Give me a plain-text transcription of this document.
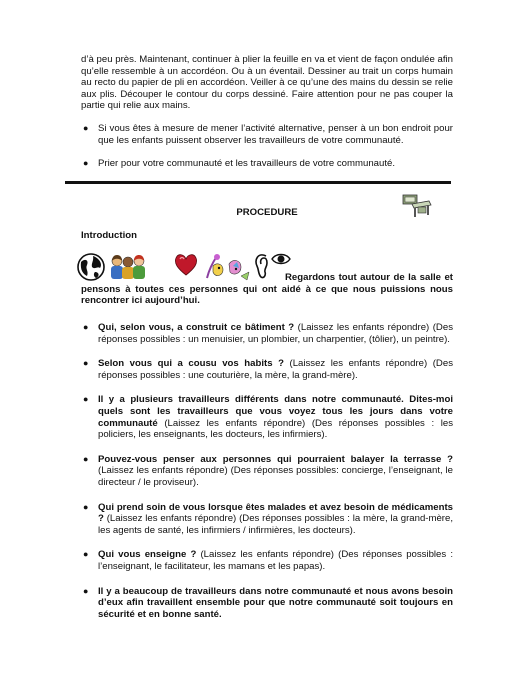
d’à peu près. Maintenant, continuer à plier la feuille en va et vient de façon ondulée afin qu’elle ressemble à un accordéon. Ou à un éventail. Dessiner au trait un corps humain au recto du papier de pli en accordéon. Veiller à ce qu’une des mains du dessin se relie aux plis. Découper le contour du corps dessiné. Faire attention pour ne pas couper la partie qui relie aux mains.

● Si vous êtes à mesure de mener l’activité alternative, penser à un bon endroit pour que les enfants puissent observer les travailleurs de votre communauté.
● Prier pour votre communauté et les travailleurs de votre communauté.
PROCEDURE
Introduction
Regardons tout autour de la salle et pensons à toutes ces personnes qui ont aidé à ce que nous puissions nous rencontrer ici aujourd’hui.
● Qui, selon vous, a construit ce bâtiment ? (Laissez les enfants répondre) (Des réponses possibles : un menuisier, un plombier, un charpentier, (tôlier), un peintre).
● Selon vous qui a cousu vos habits ? (Laissez les enfants répondre) (Des réponses possibles : une couturière, la mère, la grand-mère).
● Il y a plusieurs travailleurs différents dans notre communauté. Dites-moi quels sont les travailleurs que vous voyez tous les jours dans votre communauté (Laissez les enfants répondre) (Des réponses possibles : les policiers, les enseignants, les docteurs, les infirmiers).
● Pouvez-vous penser aux personnes qui pourraient balayer la terrasse ? (Laissez les enfants répondre) (Des réponses possibles: concierge, l’enseignant, le directeur / le proviseur).
● Qui prend soin de vous lorsque êtes malades et avez besoin de médicaments ? (Laissez les enfants répondre) (Des réponses possibles : la mère, la grand-mère, les agents de santé, les infirmiers / infirmières, les docteurs).
● Qui vous enseigne ? (Laissez les enfants répondre) (Des réponses possibles : l’enseignant, le facilitateur, les mamans et les papas).
● Il y a beaucoup de travailleurs dans notre communauté et nous avons besoin d’eux afin travaillent ensemble pour que notre communauté soit toujours en sécurité et en bonne santé.
